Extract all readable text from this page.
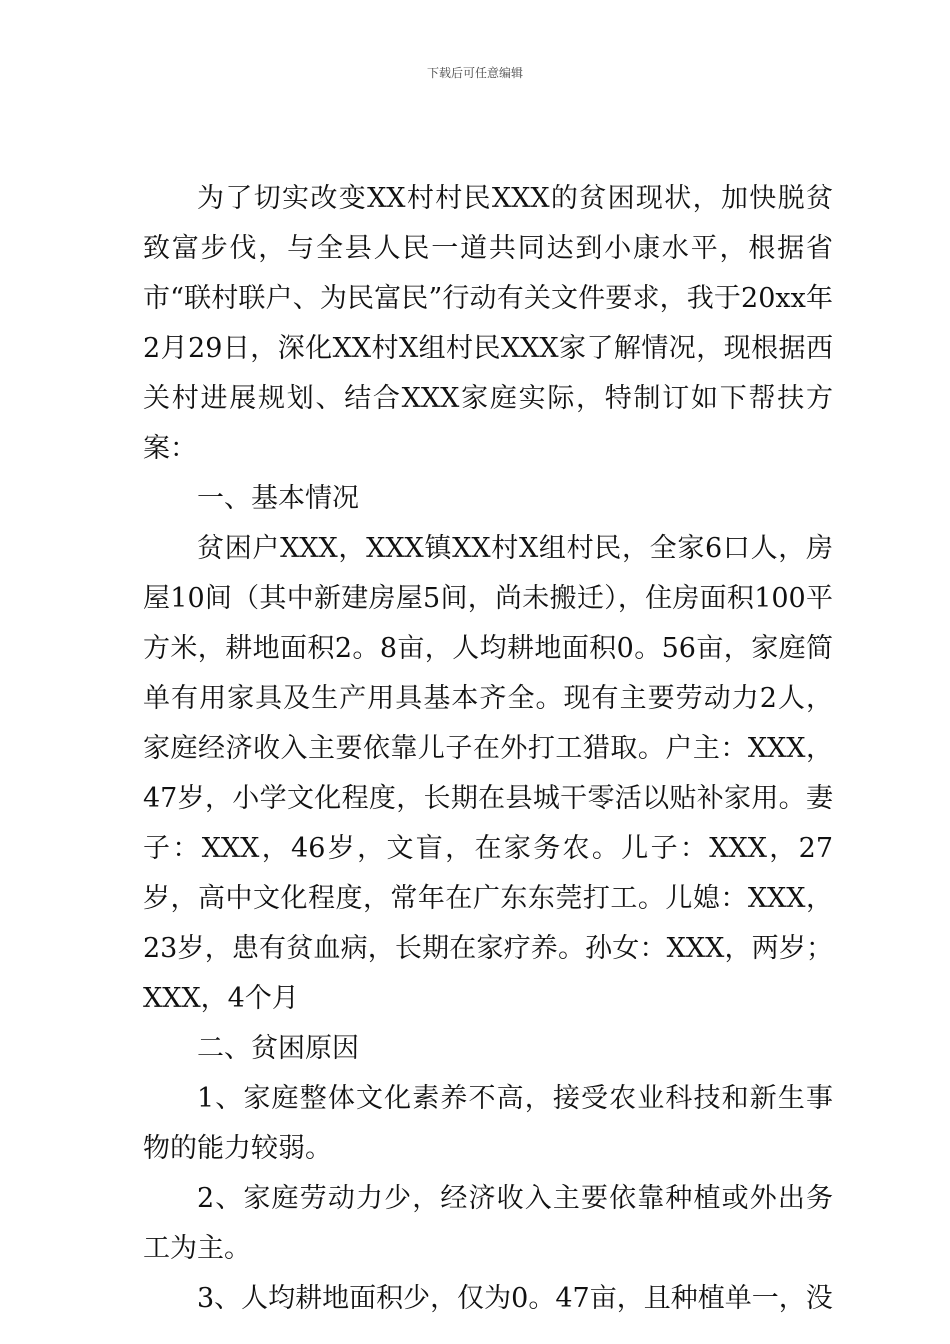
下载后可任意编辑

为了切实改变XX村村民XXX的贫困现状，加快脱贫致富步伐，与全县人民一道共同达到小康水平，根据省市“联村联户、为民富民”行动有关文件要求，我于20xx年2月29日，深化XX村X组村民XXX家了解情况，现根据西关村进展规划、结合XXX家庭实际，特制订如下帮扶方案：

一、基本情况

贫困户XXX，XXX镇XX村X组村民，全家6口人，房屋10间（其中新建房屋5间，尚未搬迁），住房面积100平方米，耕地面积2。8亩，人均耕地面积0。56亩，家庭简单有用家具及生产用具基本齐全。现有主要劳动力2人，家庭经济收入主要依靠儿子在外打工猎取。户主：XXX，47岁，小学文化程度，长期在县城干零活以贴补家用。妻子：XXX，46岁，文盲，在家务农。儿子：XXX，27岁，高中文化程度，常年在广东东莞打工。儿媳：XXX，23岁，患有贫血病，长期在家疗养。孙女：XXX，两岁；XXX，4个月

二、贫困原因

1、家庭整体文化素养不高，接受农业科技和新生事物的能力较弱。

2、家庭劳动力少，经济收入主要依靠种植或外出务工为主。

3、人均耕地面积少，仅为0。47亩，且种植单一，没
